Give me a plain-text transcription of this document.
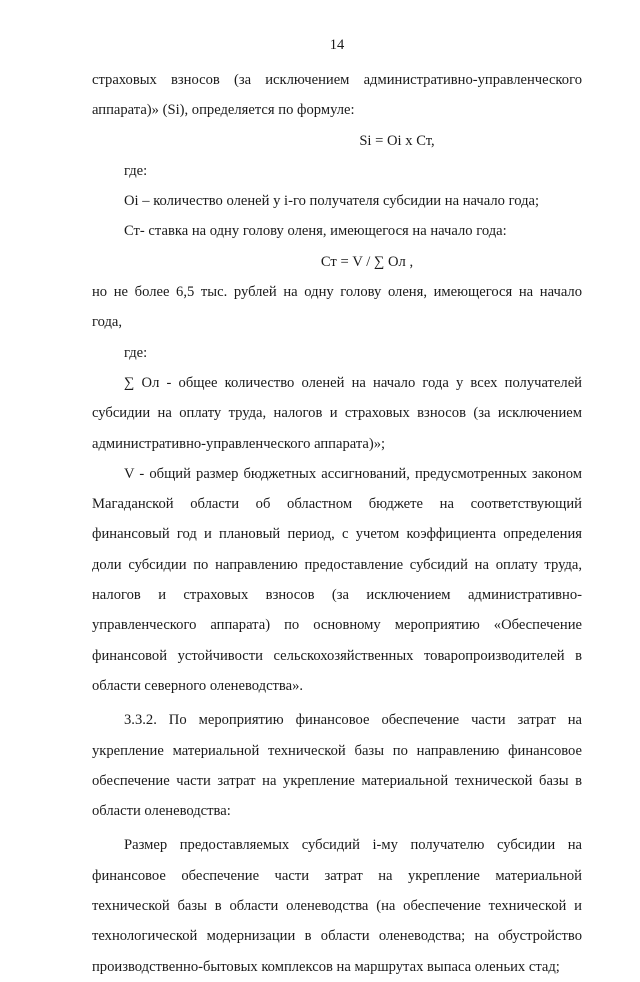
14

страховых взносов (за исключением административно-управленческого

аппарата)» (Si), определяется по формуле:

Si = Oi x Ст,

где:

Oi – количество оленей у i-го получателя субсидии на начало года;

Ст- ставка на одну голову оленя, имеющегося на начало года:

Ст = V / ∑ Ол ,

но не более 6,5 тыс. рублей на одну голову оленя, имеющегося на начало

года,

где:

∑ Ол - общее количество оленей на начало года у всех получателей субсидии на оплату труда, налогов и страховых взносов (за исключением административно-управленческого аппарата)»;

V - общий размер бюджетных ассигнований, предусмотренных законом Магаданской области об областном бюджете на соответствующий финансовый год и плановый период, с учетом коэффициента определения доли субсидии по направлению предоставление субсидий на оплату труда, налогов и страховых взносов (за исключением административно-управленческого аппарата) по основному мероприятию «Обеспечение финансовой устойчивости сельскохозяйственных товаропроизводителей в области северного оленеводства».

3.3.2. По мероприятию финансовое обеспечение части затрат на укрепление материальной технической базы по направлению финансовое обеспечение части затрат на укрепление материальной технической базы в области оленеводства:

Размер предоставляемых субсидий i-му получателю субсидии на финансовое обеспечение части затрат на укрепление материальной технической базы в области оленеводства (на обеспечение технической и технологической модернизации в области оленеводства; на обустройство производственно-бытовых комплексов на маршрутах выпаса оленьих стад;
